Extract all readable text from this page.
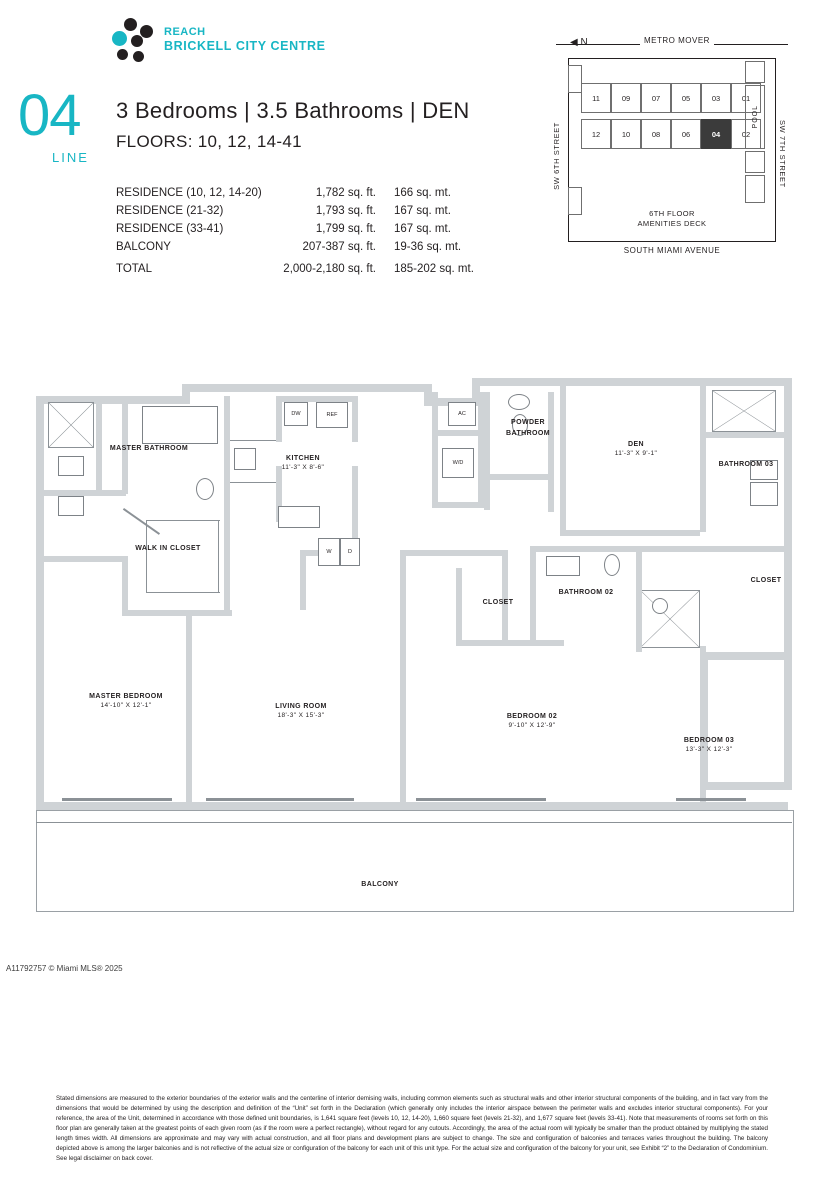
REACH
BRICKELL CITY CENTRE
04
LINE
3 Bedrooms | 3.5 Bathrooms | DEN
FLOORS: 10, 12, 14-41
RESIDENCE (10, 12, 14-20)	1,782 sq. ft.	166 sq. mt.
RESIDENCE (21-32)	1,793 sq. ft.	167 sq. mt.
RESIDENCE (33-41)	1,799 sq. ft.	167 sq. mt.
BALCONY	207-387 sq. ft.	19-36 sq. mt.
TOTAL	2,000-2,180 sq. ft.	185-202 sq. mt.
◀ N	METRO MOVER
11	09	07	05	03	01
12	10	08	06	04	02
POOL
6TH FLOOR
AMENITIES DECK
SW 6TH STREET	SW 7TH STREET
SOUTH MIAMI AVENUE
AC
W/D
DW	REF
W	D
MASTER BATHROOM
WALK IN CLOSET
KITCHEN
11'-3" X 8'-6"
POWDER BATHROOM
DEN
11'-3" X 9'-1"
BATHROOM 03
CLOSET
BATHROOM 02
CLOSET
MASTER BEDROOM
14'-10" X 12'-1"	LIVING ROOM
18'-3" X 15'-3"	BEDROOM 02
9'-10" X 12'-9"
BEDROOM 03
13'-3" X 12'-3"
BALCONY
A11792757 © Miami MLS® 2025
Stated dimensions are measured to the exterior boundaries of the exterior walls and the centerline of interior demising walls, including common elements such as structural walls and other interior structural components of the building, and in fact vary from the dimensions that would be determined by using the description and definition of the “Unit” set forth in the Declaration (which generally only includes the interior airspace between the perimeter walls and excludes interior structural components). For your reference, the area of the Unit, determined in accordance with those defined unit boundaries, is 1,641 square feet (levels 10, 12, 14-20), 1,660 square feet (levels 21-32), and 1,677 square feet (levels 33-41). Note that measurements of rooms set forth on this floor plan are generally taken at the greatest points of each given room (as if the room were a perfect rectangle), without regard for any cutouts. Accordingly, the area of the actual room will typically be smaller than the product obtained by multiplying the stated length times width. All dimensions are approximate and may vary with actual construction, and all floor plans and development plans are subject to change. The size and configuration of balconies and terraces varies throughout the building. The balcony depicted above is among the larger balconies and is not reflective of the actual size or configuration of the balcony for each unit of this unit type. For the actual size and configuration of the balcony for your unit, see Exhibit “2” to the Declaration of Condominium. See legal disclaimer on back cover.
